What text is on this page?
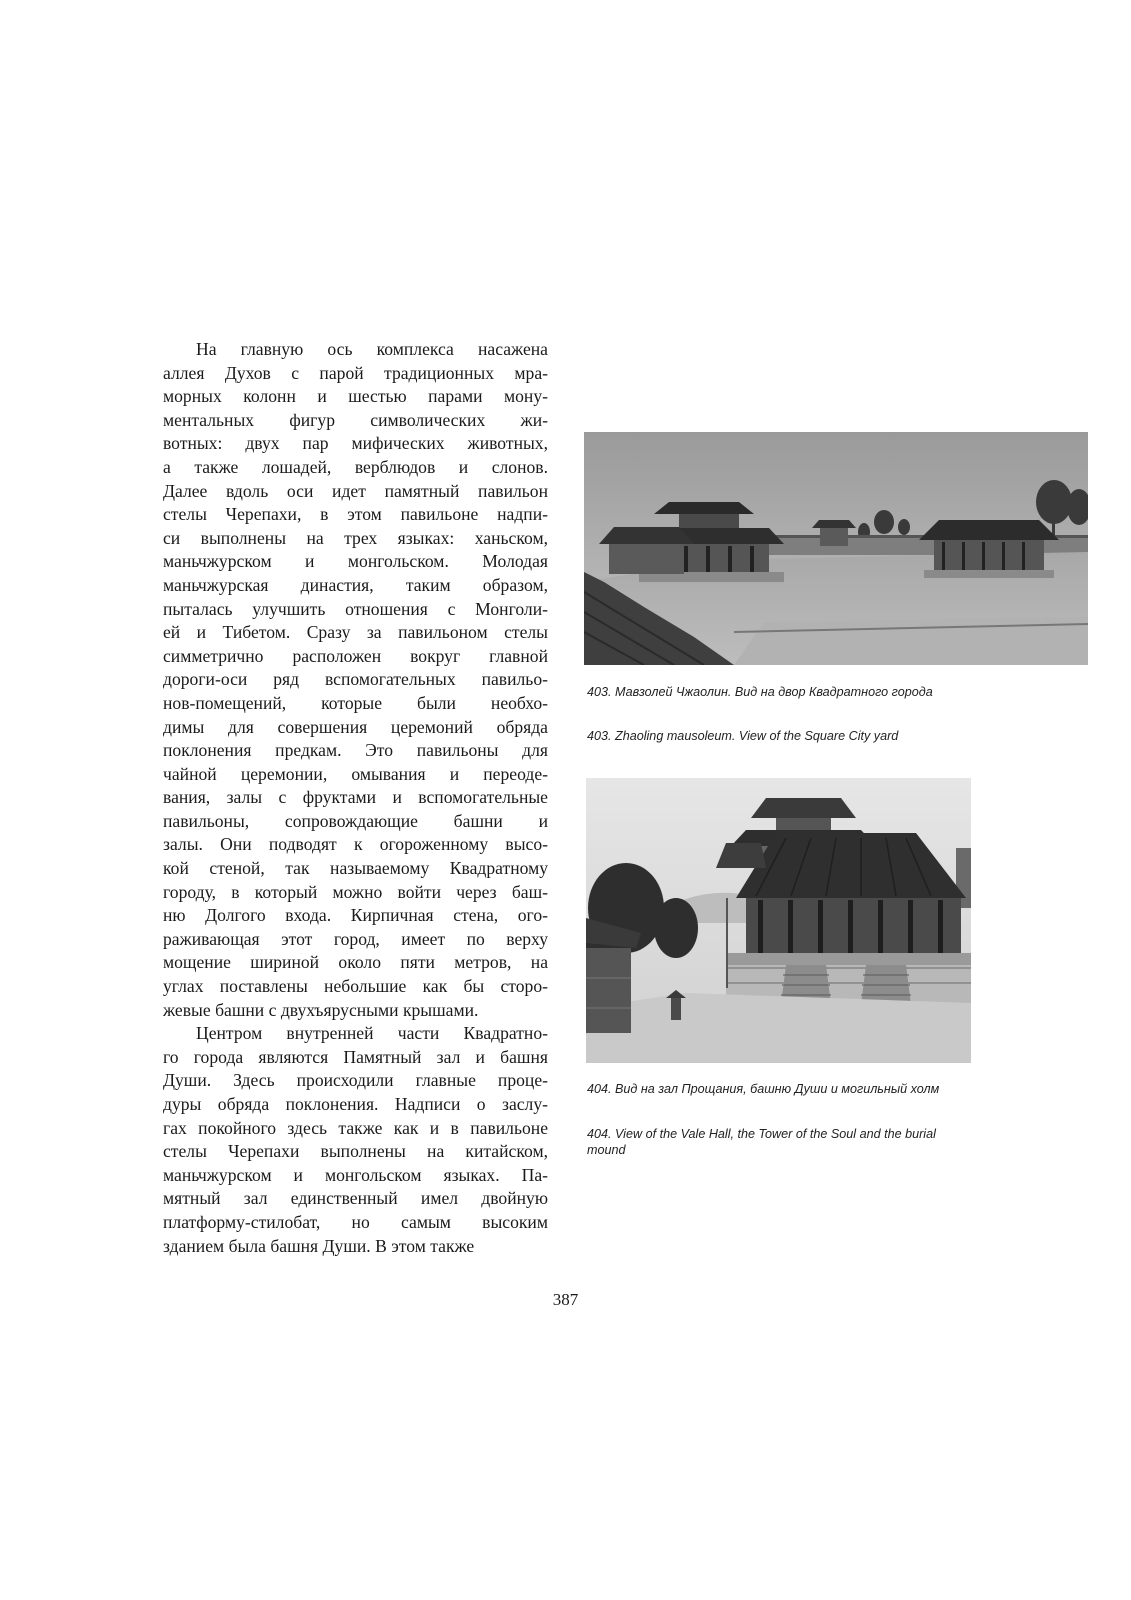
На главную ось комплекса насажена
аллея Духов с парой традиционных мра-
морных колонн и шестью парами мону-
ментальных фигур символических жи-
вотных: двух пар мифических животных,
а также лошадей, верблюдов и слонов.
Далее вдоль оси идет памятный павильон
стелы Черепахи, в этом павильоне надпи-
си выполнены на трех языках: ханьском,
маньчжурском и монгольском. Молодая
маньчжурская династия, таким образом,
пыталась улучшить отношения с Монголи-
ей и Тибетом. Сразу за павильоном стелы
симметрично расположен вокруг главной
дороги-оси ряд вспомогательных павильо-
нов-помещений, которые были необхо-
димы для совершения церемоний обряда
поклонения предкам. Это павильоны для
чайной церемонии, омывания и переоде-
вания, залы с фруктами и вспомогательные
павильоны, сопровождающие башни и
залы. Они подводят к огороженному высо-
кой стеной, так называемому Квадратному
городу, в который можно войти через баш-
ню Долгого входа. Кирпичная стена, ого-
раживающая этот город, имеет по верху
мощение шириной около пяти метров, на
углах поставлены небольшие как бы сторо-
жевые башни с двухъярусными крышами.
Центром внутренней части Квадратно-
го города являются Памятный зал и башня
Души. Здесь происходили главные проце-
дуры обряда поклонения. Надписи о заслу-
гах покойного здесь также как и в павильоне
стелы Черепахи выполнены на китайском,
маньчжурском и монгольском языках. Па-
мятный зал единственный имел двойную
платформу-стилобат, но самым высоким
зданием была башня Души. В этом также
403. Мавзолей Чжаолин. Вид на двор Квадратного города
403. Zhaoling mausoleum. View of the Square City yard
404. Вид на зал Прощания, башню Души и могильный холм
404. View of the Vale Hall, the Tower of the Soul and the burial mound
387
